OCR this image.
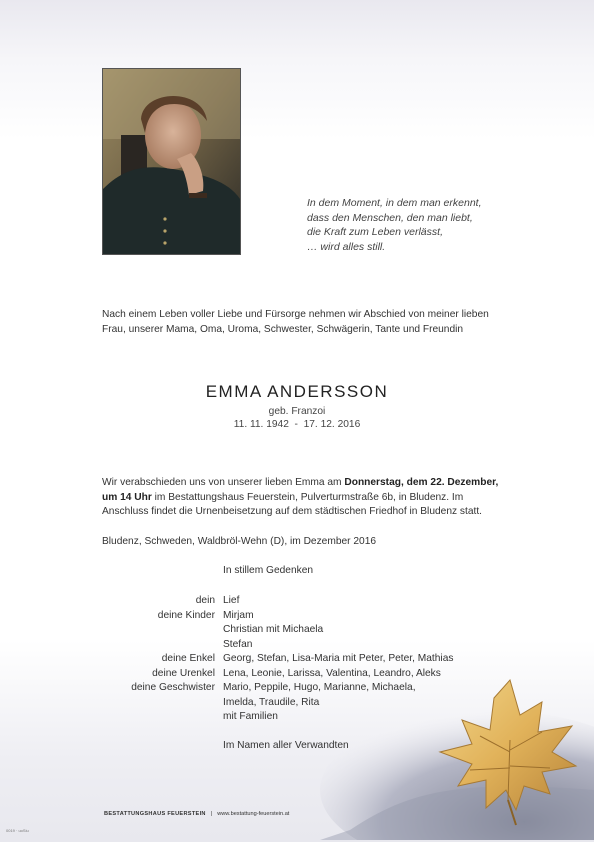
In dem Moment, in dem man erkennt,
dass den Menschen, den man liebt,
die Kraft zum Leben verlässt,
… wird alles still.
Nach einem Leben voller Liebe und Fürsorge nehmen wir Abschied von meiner lieben
Frau, unserer Mama, Oma, Uroma, Schwester, Schwägerin, Tante und Freundin
EMMA ANDERSSON
geb. Franzoi
11. 11. 1942  -  17. 12. 2016
Wir verabschieden uns von unserer lieben Emma am Donnerstag, dem 22. Dezember,
um 14 Uhr im Bestattungshaus Feuerstein, Pulverturmstraße 6b, in Bludenz. Im
Anschluss findet die Urnenbeisetzung auf dem städtischen Friedhof in Bludenz statt.
Bludenz, Schweden, Waldbröl-Wehn (D), im Dezember 2016
In stillem Gedenken
dein Lief
deine Kinder Mirjam
Christian mit Michaela
Stefan
deine Enkel Georg, Stefan, Lisa-Maria mit Peter, Peter, Mathias
deine Urenkel Lena, Leonie, Larissa, Valentina, Leandro, Aleks
deine Geschwister Mario, Peppile, Hugo, Marianne, Michaela,
Imelda, Traudile, Rita
mit Familien
Im Namen aller Verwandten
BESTATTUNGSHAUS FEUERSTEIN | www.bestattung-feuerstein.at
0019 · uoSiu
